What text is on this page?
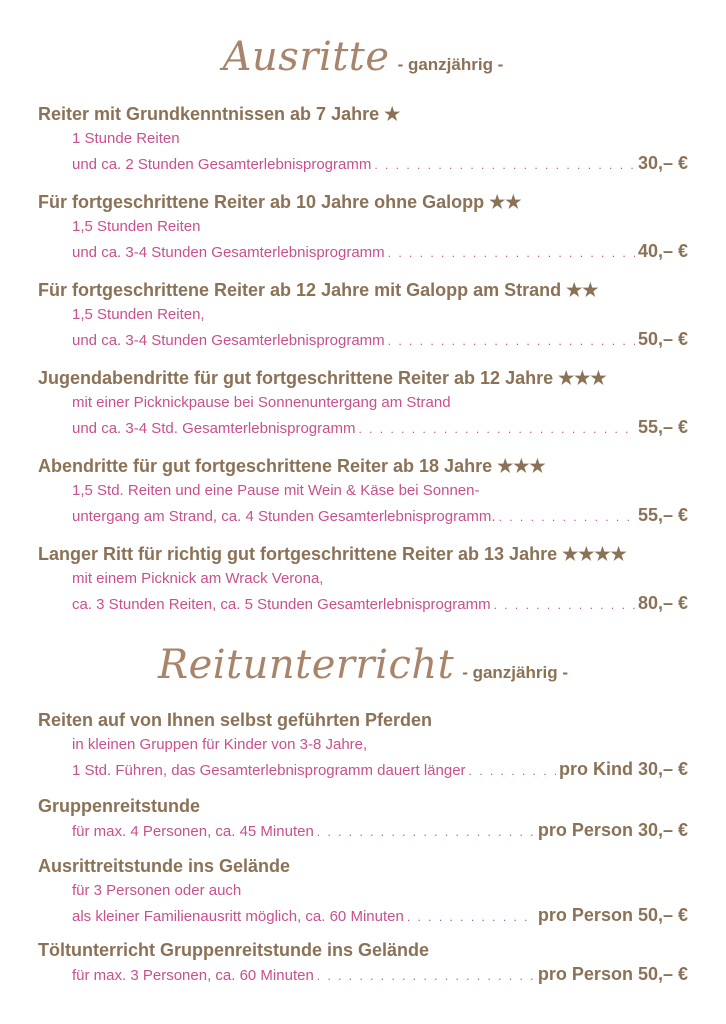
Ausritte - ganzjährig -
Reiter mit Grundkenntnissen ab 7 Jahre ★
1 Stunde Reiten
und ca. 2 Stunden Gesamterlebnisprogramm . . .	30,– €
Für fortgeschrittene Reiter ab 10 Jahre ohne Galopp ★★
1,5 Stunden Reiten
und ca. 3-4 Stunden Gesamterlebnisprogramm . . .	40,– €
Für fortgeschrittene Reiter ab 12 Jahre mit Galopp am Strand ★★
1,5 Stunden Reiten,
und ca. 3-4 Stunden Gesamterlebnisprogramm . . .	50,– €
Jugendabendritte für gut fortgeschrittene Reiter ab 12 Jahre ★★★
mit einer Picknickpause bei Sonnenuntergang am Strand
und ca. 3-4 Std. Gesamterlebnisprogramm . . .	55,– €
Abendritte für gut fortgeschrittene Reiter ab 18 Jahre ★★★
1,5 Std. Reiten und eine Pause mit Wein & Käse bei Sonnen-
untergang am Strand, ca. 4 Stunden Gesamterlebnisprogramm. . . .	55,– €
Langer Ritt für richtig gut fortgeschrittene Reiter ab 13 Jahre ★★★★
mit einem Picknick am Wrack Verona,
ca. 3 Stunden Reiten, ca. 5 Stunden Gesamterlebnisprogramm . . .	80,– €
Reitunterricht - ganzjährig -
Reiten auf von Ihnen selbst geführten Pferden
in kleinen Gruppen für Kinder von 3-8 Jahre,
1 Std. Führen, das Gesamterlebnisprogramm dauert länger . . .	pro Kind 30,– €
Gruppenreitstunde
für max. 4 Personen, ca. 45 Minuten . . .	pro Person 30,– €
Ausrittreitstunde ins Gelände
für 3 Personen oder auch
als kleiner Familienausritt möglich, ca. 60 Minuten . . .	pro Person 50,– €
Töltunterricht Gruppenreitstunde ins Gelände
für max. 3 Personen, ca. 60 Minuten . . .	pro Person 50,– €
